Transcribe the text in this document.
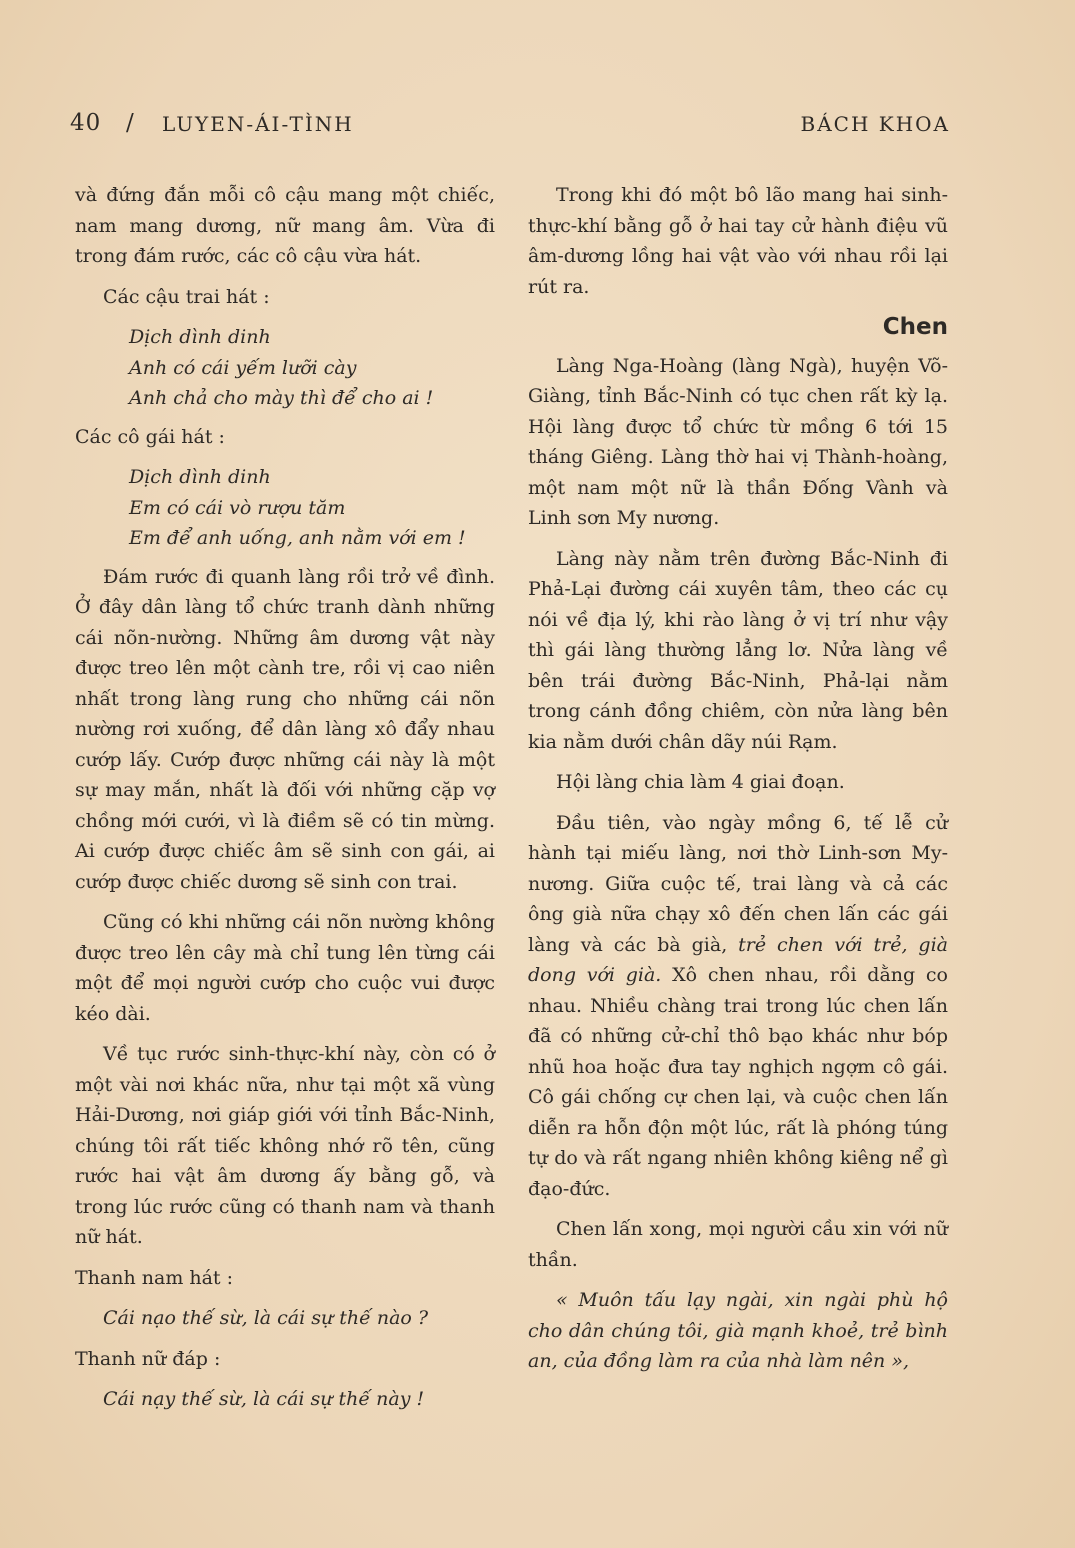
40 / LUYEN-ÁI-TÌNH	BÁCH KHOA

và đứng đắn mỗi cô cậu mang một chiếc, nam mang dương, nữ mang âm. Vừa đi trong đám rước, các cô cậu vừa hát.

Các cậu trai hát :

Dịch dình dinh
Anh có cái yếm lưỡi cày
Anh chả cho mày thì để cho ai !

Các cô gái hát :

Dịch dình dinh
Em có cái vò rượu tăm
Em để anh uống, anh nằm với em !

Đám rước đi quanh làng rồi trở về đình. Ở đây dân làng tổ chức tranh dành những cái nõn-nường. Những âm dương vật này được treo lên một cành tre, rồi vị cao niên nhất trong làng rung cho những cái nõn nường rơi xuống, để dân làng xô đẩy nhau cướp lấy. Cướp được những cái này là một sự may mắn, nhất là đối với những cặp vợ chồng mới cưới, vì là điềm sẽ có tin mừng. Ai cướp được chiếc âm sẽ sinh con gái, ai cướp được chiếc dương sẽ sinh con trai.

Cũng có khi những cái nõn nường không được treo lên cây mà chỉ tung lên từng cái một để mọi người cướp cho cuộc vui được kéo dài.

Về tục rước sinh-thực-khí này, còn có ở một vài nơi khác nữa, như tại một xã vùng Hải-Dương, nơi giáp giới với tỉnh Bắc-Ninh, chúng tôi rất tiếc không nhớ rõ tên, cũng rước hai vật âm dương ấy bằng gỗ, và trong lúc rước cũng có thanh nam và thanh nữ hát.

Thanh nam hát :

Cái nạo thế sừ, là cái sự thế nào ?

Thanh nữ đáp :

Cái nạy thế sừ, là cái sự thế này !

Trong khi đó một bô lão mang hai sinh-thực-khí bằng gỗ ở hai tay cử hành điệu vũ âm-dương lồng hai vật vào với nhau rồi lại rút ra.

Chen

Làng Nga-Hoàng (làng Ngà), huyện Võ-Giàng, tỉnh Bắc-Ninh có tục chen rất kỳ lạ. Hội làng được tổ chức từ mồng 6 tới 15 tháng Giêng. Làng thờ hai vị Thành-hoàng, một nam một nữ là thần Đống Vành và Linh sơn My nương.

Làng này nằm trên đường Bắc-Ninh đi Phả-Lại đường cái xuyên tâm, theo các cụ nói về địa lý, khi rào làng ở vị trí như vậy thì gái làng thường lẳng lơ. Nửa làng về bên trái đường Bắc-Ninh, Phả-lại nằm trong cánh đồng chiêm, còn nửa làng bên kia nằm dưới chân dãy núi Rạm.

Hội làng chia làm 4 giai đoạn.

Đầu tiên, vào ngày mồng 6, tế lễ cử hành tại miếu làng, nơi thờ Linh-sơn My-nương. Giữa cuộc tế, trai làng và cả các ông già nữa chạy xô đến chen lấn các gái làng và các bà già, trẻ chen với trẻ, già dong với già. Xô chen nhau, rồi dằng co nhau. Nhiều chàng trai trong lúc chen lấn đã có những cử-chỉ thô bạo khác như bóp nhũ hoa hoặc đưa tay nghịch ngợm cô gái. Cô gái chống cự chen lại, và cuộc chen lấn diễn ra hỗn độn một lúc, rất là phóng túng tự do và rất ngang nhiên không kiêng nể gì đạo-đức.

Chen lấn xong, mọi người cầu xin với nữ thần.

« Muôn tấu lạy ngài, xin ngài phù hộ cho dân chúng tôi, già mạnh khoẻ, trẻ bình an, của đồng làm ra của nhà làm nên »,
